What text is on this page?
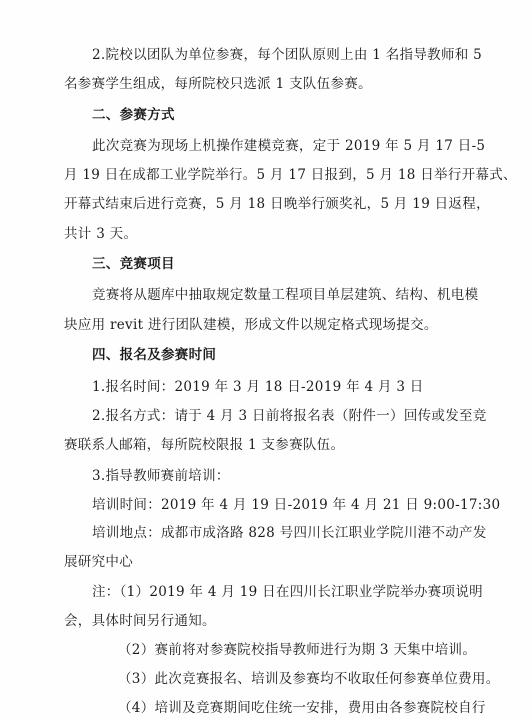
2.院校以团队为单位参赛，每个团队原则上由 1 名指导教师和 5
名参赛学生组成，每所院校只选派 1 支队伍参赛。
二、参赛方式
此次竞赛为现场上机操作建模竞赛，定于 2019 年 5 月 17 日-5
月 19 日在成都工业学院举行。5 月 17 日报到，5 月 18 日举行开幕式、
开幕式结束后进行竞赛，5 月 18 日晚举行颁奖礼，5 月 19 日返程，
共计 3 天。
三、竞赛项目
竞赛将从题库中抽取规定数量工程项目单层建筑、结构、机电模
块应用 revit 进行团队建模，形成文件以规定格式现场提交。
四、报名及参赛时间
1.报名时间：2019 年 3 月 18 日-2019 年 4 月 3 日
2.报名方式：请于 4 月 3 日前将报名表（附件一）回传或发至竞
赛联系人邮箱，每所院校限报 1 支参赛队伍。
3.指导教师赛前培训：
培训时间：2019 年 4 月 19 日-2019 年 4 月 21 日 9:00-17:30
培训地点：成都市成洛路 828 号四川长江职业学院川港不动产发
展研究中心
注：（1）2019 年 4 月 19 日在四川长江职业学院举办赛项说明
会，具体时间另行通知。
（2）赛前将对参赛院校指导教师进行为期 3 天集中培训。
（3）此次竞赛报名、培训及参赛均不收取任何参赛单位费用。
（4）培训及竞赛期间吃住统一安排，费用由各参赛院校自行
